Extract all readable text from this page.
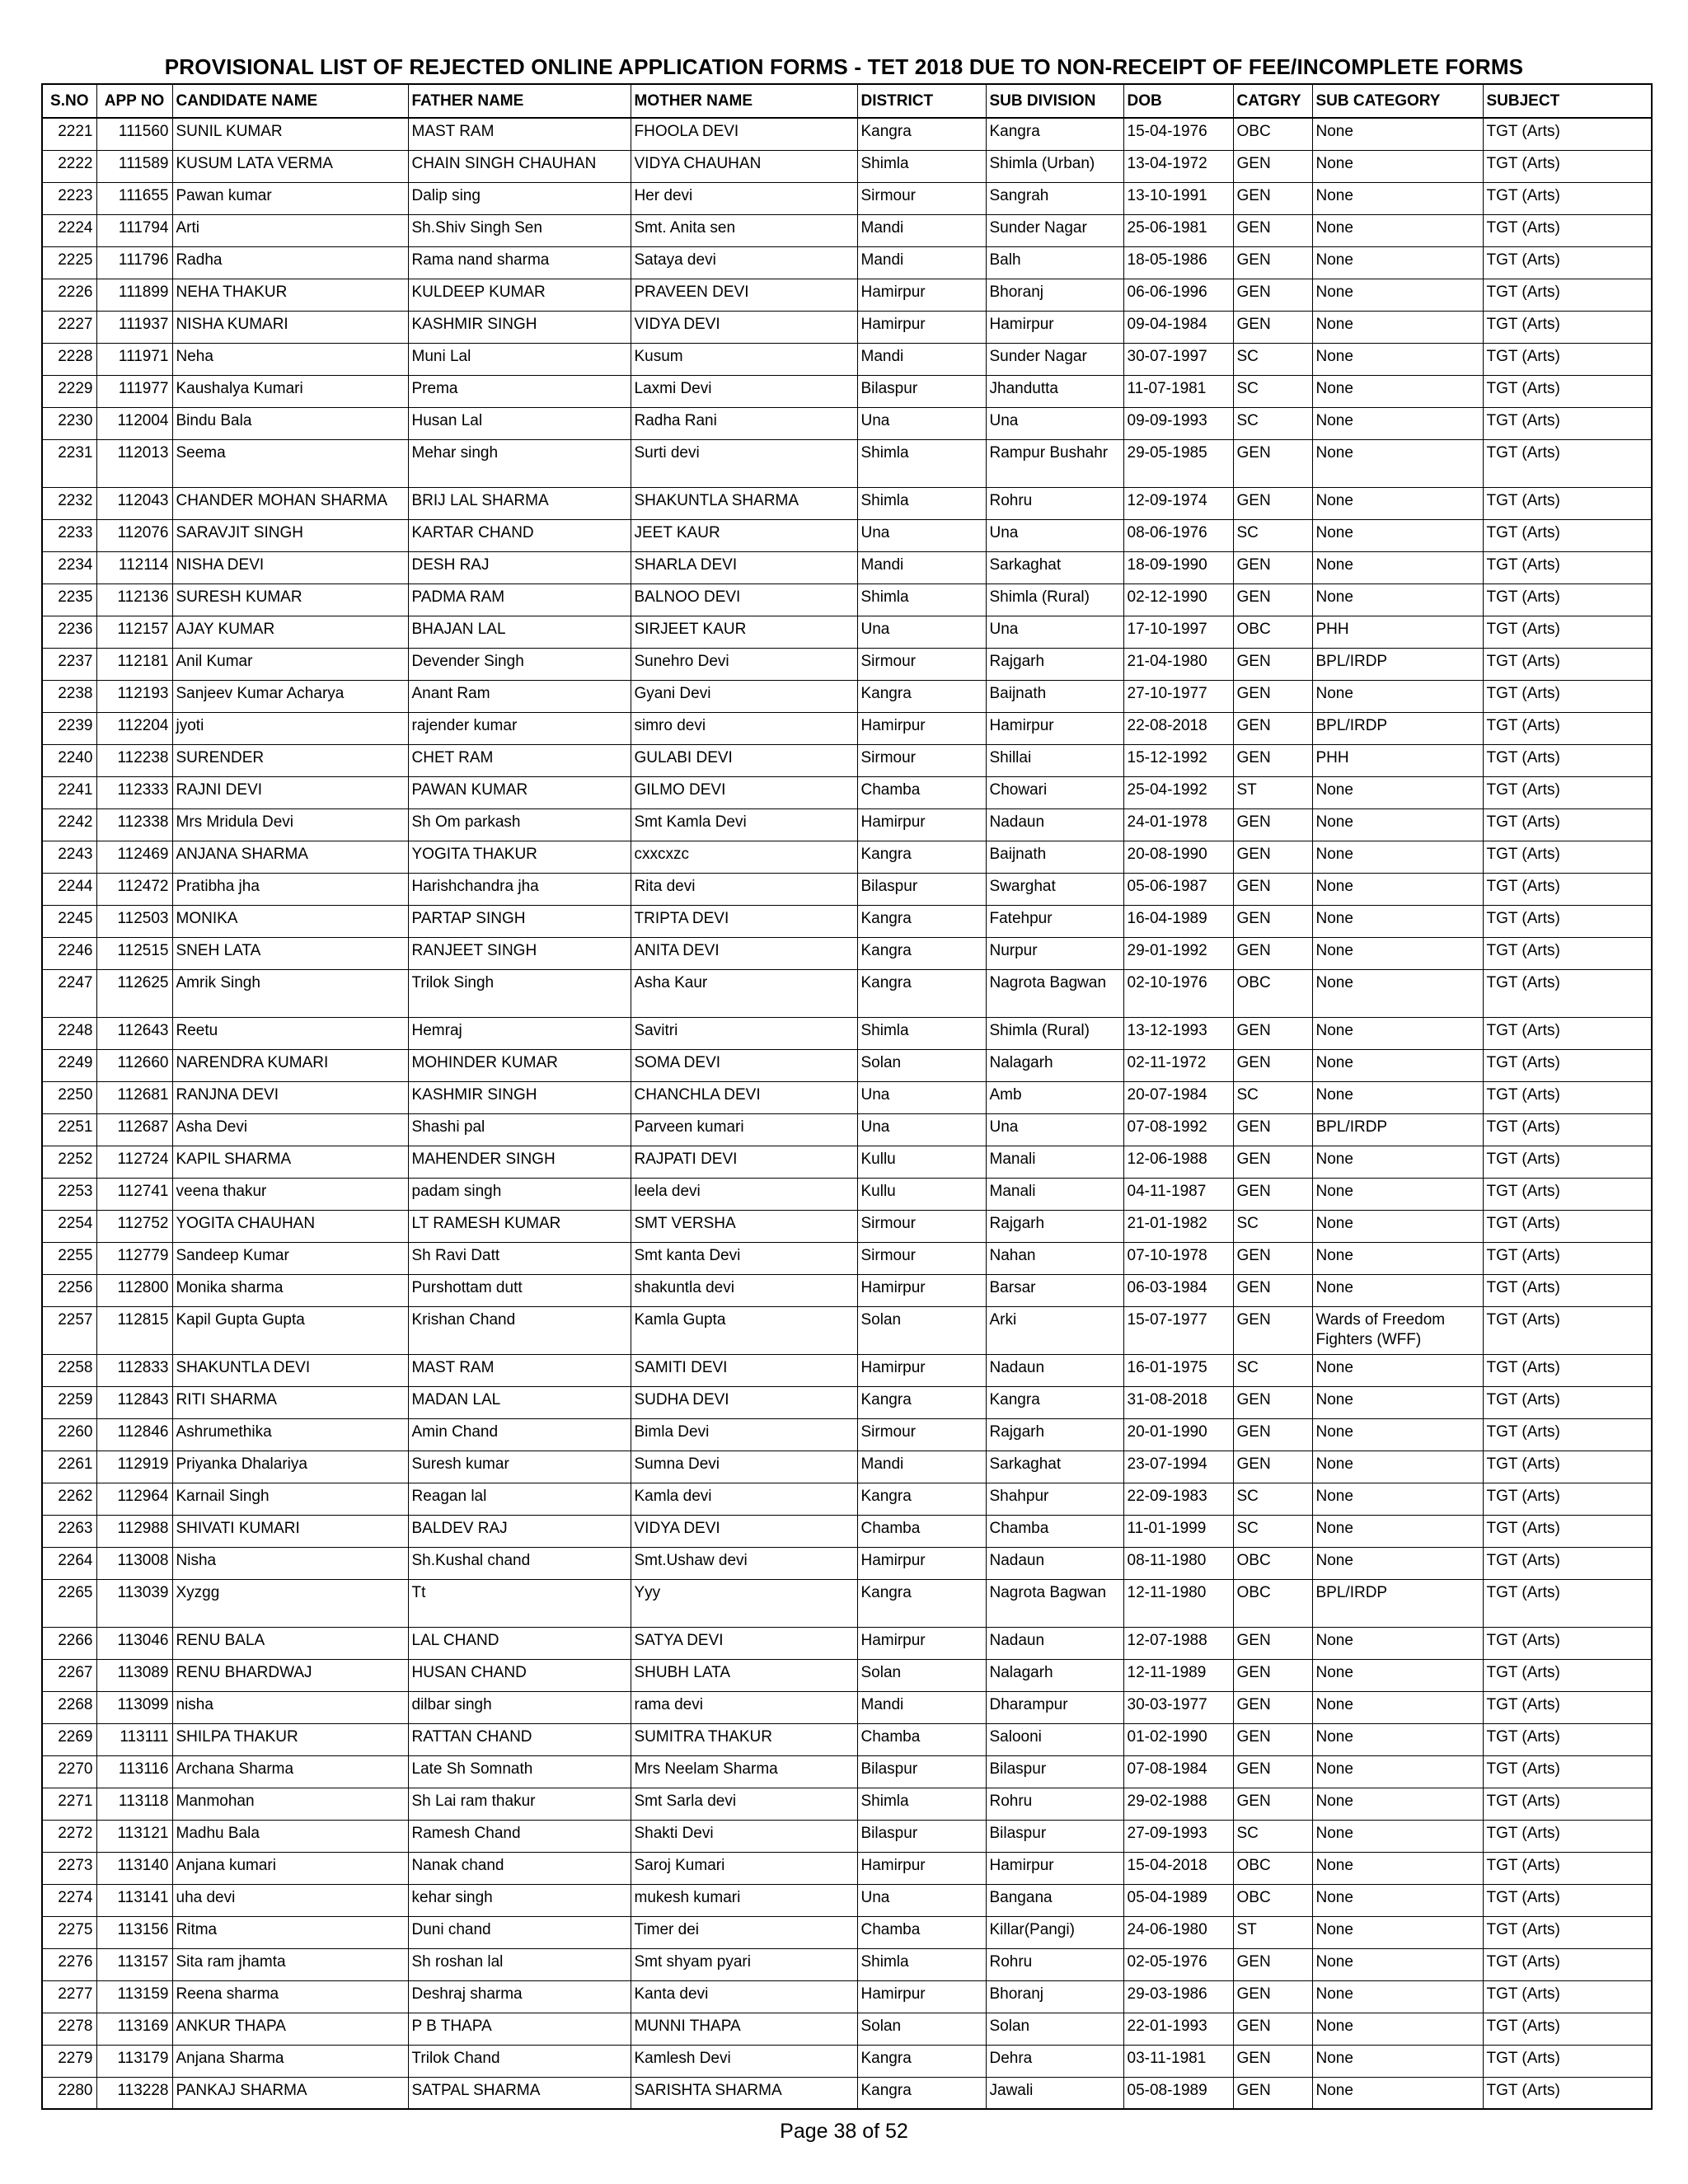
PROVISIONAL LIST OF REJECTED ONLINE APPLICATION FORMS - TET 2018 DUE TO NON-RECEIPT OF FEE/INCOMPLETE FORMS
S.NO	APP NO	CANDIDATE NAME	FATHER NAME	MOTHER NAME	DISTRICT	SUB DIVISION	DOB	CATGRY	SUB CATEGORY	SUBJECT
2221	111560	SUNIL KUMAR	MAST RAM	FHOOLA DEVI	Kangra	Kangra	15-04-1976	OBC	None	TGT (Arts)
2222	111589	KUSUM LATA VERMA	CHAIN SINGH CHAUHAN	VIDYA CHAUHAN	Shimla	Shimla (Urban)	13-04-1972	GEN	None	TGT (Arts)
2223	111655	Pawan kumar	Dalip sing	Her devi	Sirmour	Sangrah	13-10-1991	GEN	None	TGT (Arts)
2224	111794	Arti	Sh.Shiv Singh Sen	Smt. Anita sen	Mandi	Sunder Nagar	25-06-1981	GEN	None	TGT (Arts)
2225	111796	Radha	Rama nand sharma	Sataya devi	Mandi	Balh	18-05-1986	GEN	None	TGT (Arts)
2226	111899	NEHA THAKUR	KULDEEP KUMAR	PRAVEEN DEVI	Hamirpur	Bhoranj	06-06-1996	GEN	None	TGT (Arts)
2227	111937	NISHA KUMARI	KASHMIR SINGH	VIDYA DEVI	Hamirpur	Hamirpur	09-04-1984	GEN	None	TGT (Arts)
2228	111971	Neha	Muni Lal	Kusum	Mandi	Sunder Nagar	30-07-1997	SC	None	TGT (Arts)
2229	111977	Kaushalya Kumari	Prema	Laxmi Devi	Bilaspur	Jhandutta	11-07-1981	SC	None	TGT (Arts)
2230	112004	Bindu Bala	Husan Lal	Radha Rani	Una	Una	09-09-1993	SC	None	TGT (Arts)
2231	112013	Seema	Mehar singh	Surti devi	Shimla	Rampur Bushahr	29-05-1985	GEN	None	TGT (Arts)
2232	112043	CHANDER MOHAN SHARMA	BRIJ LAL SHARMA	SHAKUNTLA SHARMA	Shimla	Rohru	12-09-1974	GEN	None	TGT (Arts)
2233	112076	SARAVJIT SINGH	KARTAR CHAND	JEET KAUR	Una	Una	08-06-1976	SC	None	TGT (Arts)
2234	112114	NISHA DEVI	DESH RAJ	SHARLA DEVI	Mandi	Sarkaghat	18-09-1990	GEN	None	TGT (Arts)
2235	112136	SURESH KUMAR	PADMA RAM	BALNOO DEVI	Shimla	Shimla (Rural)	02-12-1990	GEN	None	TGT (Arts)
2236	112157	AJAY KUMAR	BHAJAN LAL	SIRJEET KAUR	Una	Una	17-10-1997	OBC	PHH	TGT (Arts)
2237	112181	Anil Kumar	Devender Singh	Sunehro Devi	Sirmour	Rajgarh	21-04-1980	GEN	BPL/IRDP	TGT (Arts)
2238	112193	Sanjeev Kumar Acharya	Anant Ram	Gyani Devi	Kangra	Baijnath	27-10-1977	GEN	None	TGT (Arts)
2239	112204	jyoti	rajender kumar	simro devi	Hamirpur	Hamirpur	22-08-2018	GEN	BPL/IRDP	TGT (Arts)
2240	112238	SURENDER	CHET RAM	GULABI DEVI	Sirmour	Shillai	15-12-1992	GEN	PHH	TGT (Arts)
2241	112333	RAJNI DEVI	PAWAN KUMAR	GILMO DEVI	Chamba	Chowari	25-04-1992	ST	None	TGT (Arts)
2242	112338	Mrs Mridula Devi	Sh Om parkash	Smt Kamla Devi	Hamirpur	Nadaun	24-01-1978	GEN	None	TGT (Arts)
2243	112469	ANJANA SHARMA	YOGITA THAKUR	cxxcxzc	Kangra	Baijnath	20-08-1990	GEN	None	TGT (Arts)
2244	112472	Pratibha jha	Harishchandra jha	Rita devi	Bilaspur	Swarghat	05-06-1987	GEN	None	TGT (Arts)
2245	112503	MONIKA	PARTAP SINGH	TRIPTA DEVI	Kangra	Fatehpur	16-04-1989	GEN	None	TGT (Arts)
2246	112515	SNEH LATA	RANJEET SINGH	ANITA DEVI	Kangra	Nurpur	29-01-1992	GEN	None	TGT (Arts)
2247	112625	Amrik Singh	Trilok Singh	Asha Kaur	Kangra	Nagrota Bagwan	02-10-1976	OBC	None	TGT (Arts)
2248	112643	Reetu	Hemraj	Savitri	Shimla	Shimla (Rural)	13-12-1993	GEN	None	TGT (Arts)
2249	112660	NARENDRA KUMARI	MOHINDER KUMAR	SOMA DEVI	Solan	Nalagarh	02-11-1972	GEN	None	TGT (Arts)
2250	112681	RANJNA DEVI	KASHMIR SINGH	CHANCHLA DEVI	Una	Amb	20-07-1984	SC	None	TGT (Arts)
2251	112687	Asha Devi	Shashi pal	Parveen kumari	Una	Una	07-08-1992	GEN	BPL/IRDP	TGT (Arts)
2252	112724	KAPIL SHARMA	MAHENDER SINGH	RAJPATI DEVI	Kullu	Manali	12-06-1988	GEN	None	TGT (Arts)
2253	112741	veena thakur	padam singh	leela devi	Kullu	Manali	04-11-1987	GEN	None	TGT (Arts)
2254	112752	YOGITA CHAUHAN	LT RAMESH KUMAR	SMT VERSHA	Sirmour	Rajgarh	21-01-1982	SC	None	TGT (Arts)
2255	112779	Sandeep Kumar	Sh Ravi Datt	Smt kanta Devi	Sirmour	Nahan	07-10-1978	GEN	None	TGT (Arts)
2256	112800	Monika sharma	Purshottam dutt	shakuntla devi	Hamirpur	Barsar	06-03-1984	GEN	None	TGT (Arts)
2257	112815	Kapil Gupta Gupta	Krishan Chand	Kamla Gupta	Solan	Arki	15-07-1977	GEN	Wards of Freedom Fighters (WFF)	TGT (Arts)
2258	112833	SHAKUNTLA DEVI	MAST RAM	SAMITI DEVI	Hamirpur	Nadaun	16-01-1975	SC	None	TGT (Arts)
2259	112843	RITI SHARMA	MADAN LAL	SUDHA DEVI	Kangra	Kangra	31-08-2018	GEN	None	TGT (Arts)
2260	112846	Ashrumethika	Amin Chand	Bimla Devi	Sirmour	Rajgarh	20-01-1990	GEN	None	TGT (Arts)
2261	112919	Priyanka Dhalariya	Suresh kumar	Sumna Devi	Mandi	Sarkaghat	23-07-1994	GEN	None	TGT (Arts)
2262	112964	Karnail Singh	Reagan lal	Kamla devi	Kangra	Shahpur	22-09-1983	SC	None	TGT (Arts)
2263	112988	SHIVATI KUMARI	BALDEV RAJ	VIDYA DEVI	Chamba	Chamba	11-01-1999	SC	None	TGT (Arts)
2264	113008	Nisha	Sh.Kushal chand	Smt.Ushaw devi	Hamirpur	Nadaun	08-11-1980	OBC	None	TGT (Arts)
2265	113039	Xyzgg	Tt	Yyy	Kangra	Nagrota Bagwan	12-11-1980	OBC	BPL/IRDP	TGT (Arts)
2266	113046	RENU BALA	LAL CHAND	SATYA DEVI	Hamirpur	Nadaun	12-07-1988	GEN	None	TGT (Arts)
2267	113089	RENU BHARDWAJ	HUSAN CHAND	SHUBH LATA	Solan	Nalagarh	12-11-1989	GEN	None	TGT (Arts)
2268	113099	nisha	dilbar singh	rama devi	Mandi	Dharampur	30-03-1977	GEN	None	TGT (Arts)
2269	113111	SHILPA THAKUR	RATTAN CHAND	SUMITRA THAKUR	Chamba	Salooni	01-02-1990	GEN	None	TGT (Arts)
2270	113116	Archana Sharma	Late Sh Somnath	Mrs Neelam Sharma	Bilaspur	Bilaspur	07-08-1984	GEN	None	TGT (Arts)
2271	113118	Manmohan	Sh Lai ram thakur	Smt Sarla devi	Shimla	Rohru	29-02-1988	GEN	None	TGT (Arts)
2272	113121	Madhu Bala	Ramesh Chand	Shakti Devi	Bilaspur	Bilaspur	27-09-1993	SC	None	TGT (Arts)
2273	113140	Anjana kumari	Nanak chand	Saroj Kumari	Hamirpur	Hamirpur	15-04-2018	OBC	None	TGT (Arts)
2274	113141	uha devi	kehar singh	mukesh kumari	Una	Bangana	05-04-1989	OBC	None	TGT (Arts)
2275	113156	Ritma	Duni chand	Timer dei	Chamba	Killar(Pangi)	24-06-1980	ST	None	TGT (Arts)
2276	113157	Sita ram jhamta	Sh roshan lal	Smt shyam pyari	Shimla	Rohru	02-05-1976	GEN	None	TGT (Arts)
2277	113159	Reena sharma	Deshraj sharma	Kanta devi	Hamirpur	Bhoranj	29-03-1986	GEN	None	TGT (Arts)
2278	113169	ANKUR THAPA	P B THAPA	MUNNI THAPA	Solan	Solan	22-01-1993	GEN	None	TGT (Arts)
2279	113179	Anjana Sharma	Trilok Chand	Kamlesh Devi	Kangra	Dehra	03-11-1981	GEN	None	TGT (Arts)
2280	113228	PANKAJ SHARMA	SATPAL SHARMA	SARISHTA SHARMA	Kangra	Jawali	05-08-1989	GEN	None	TGT (Arts)
Page 38 of 52
